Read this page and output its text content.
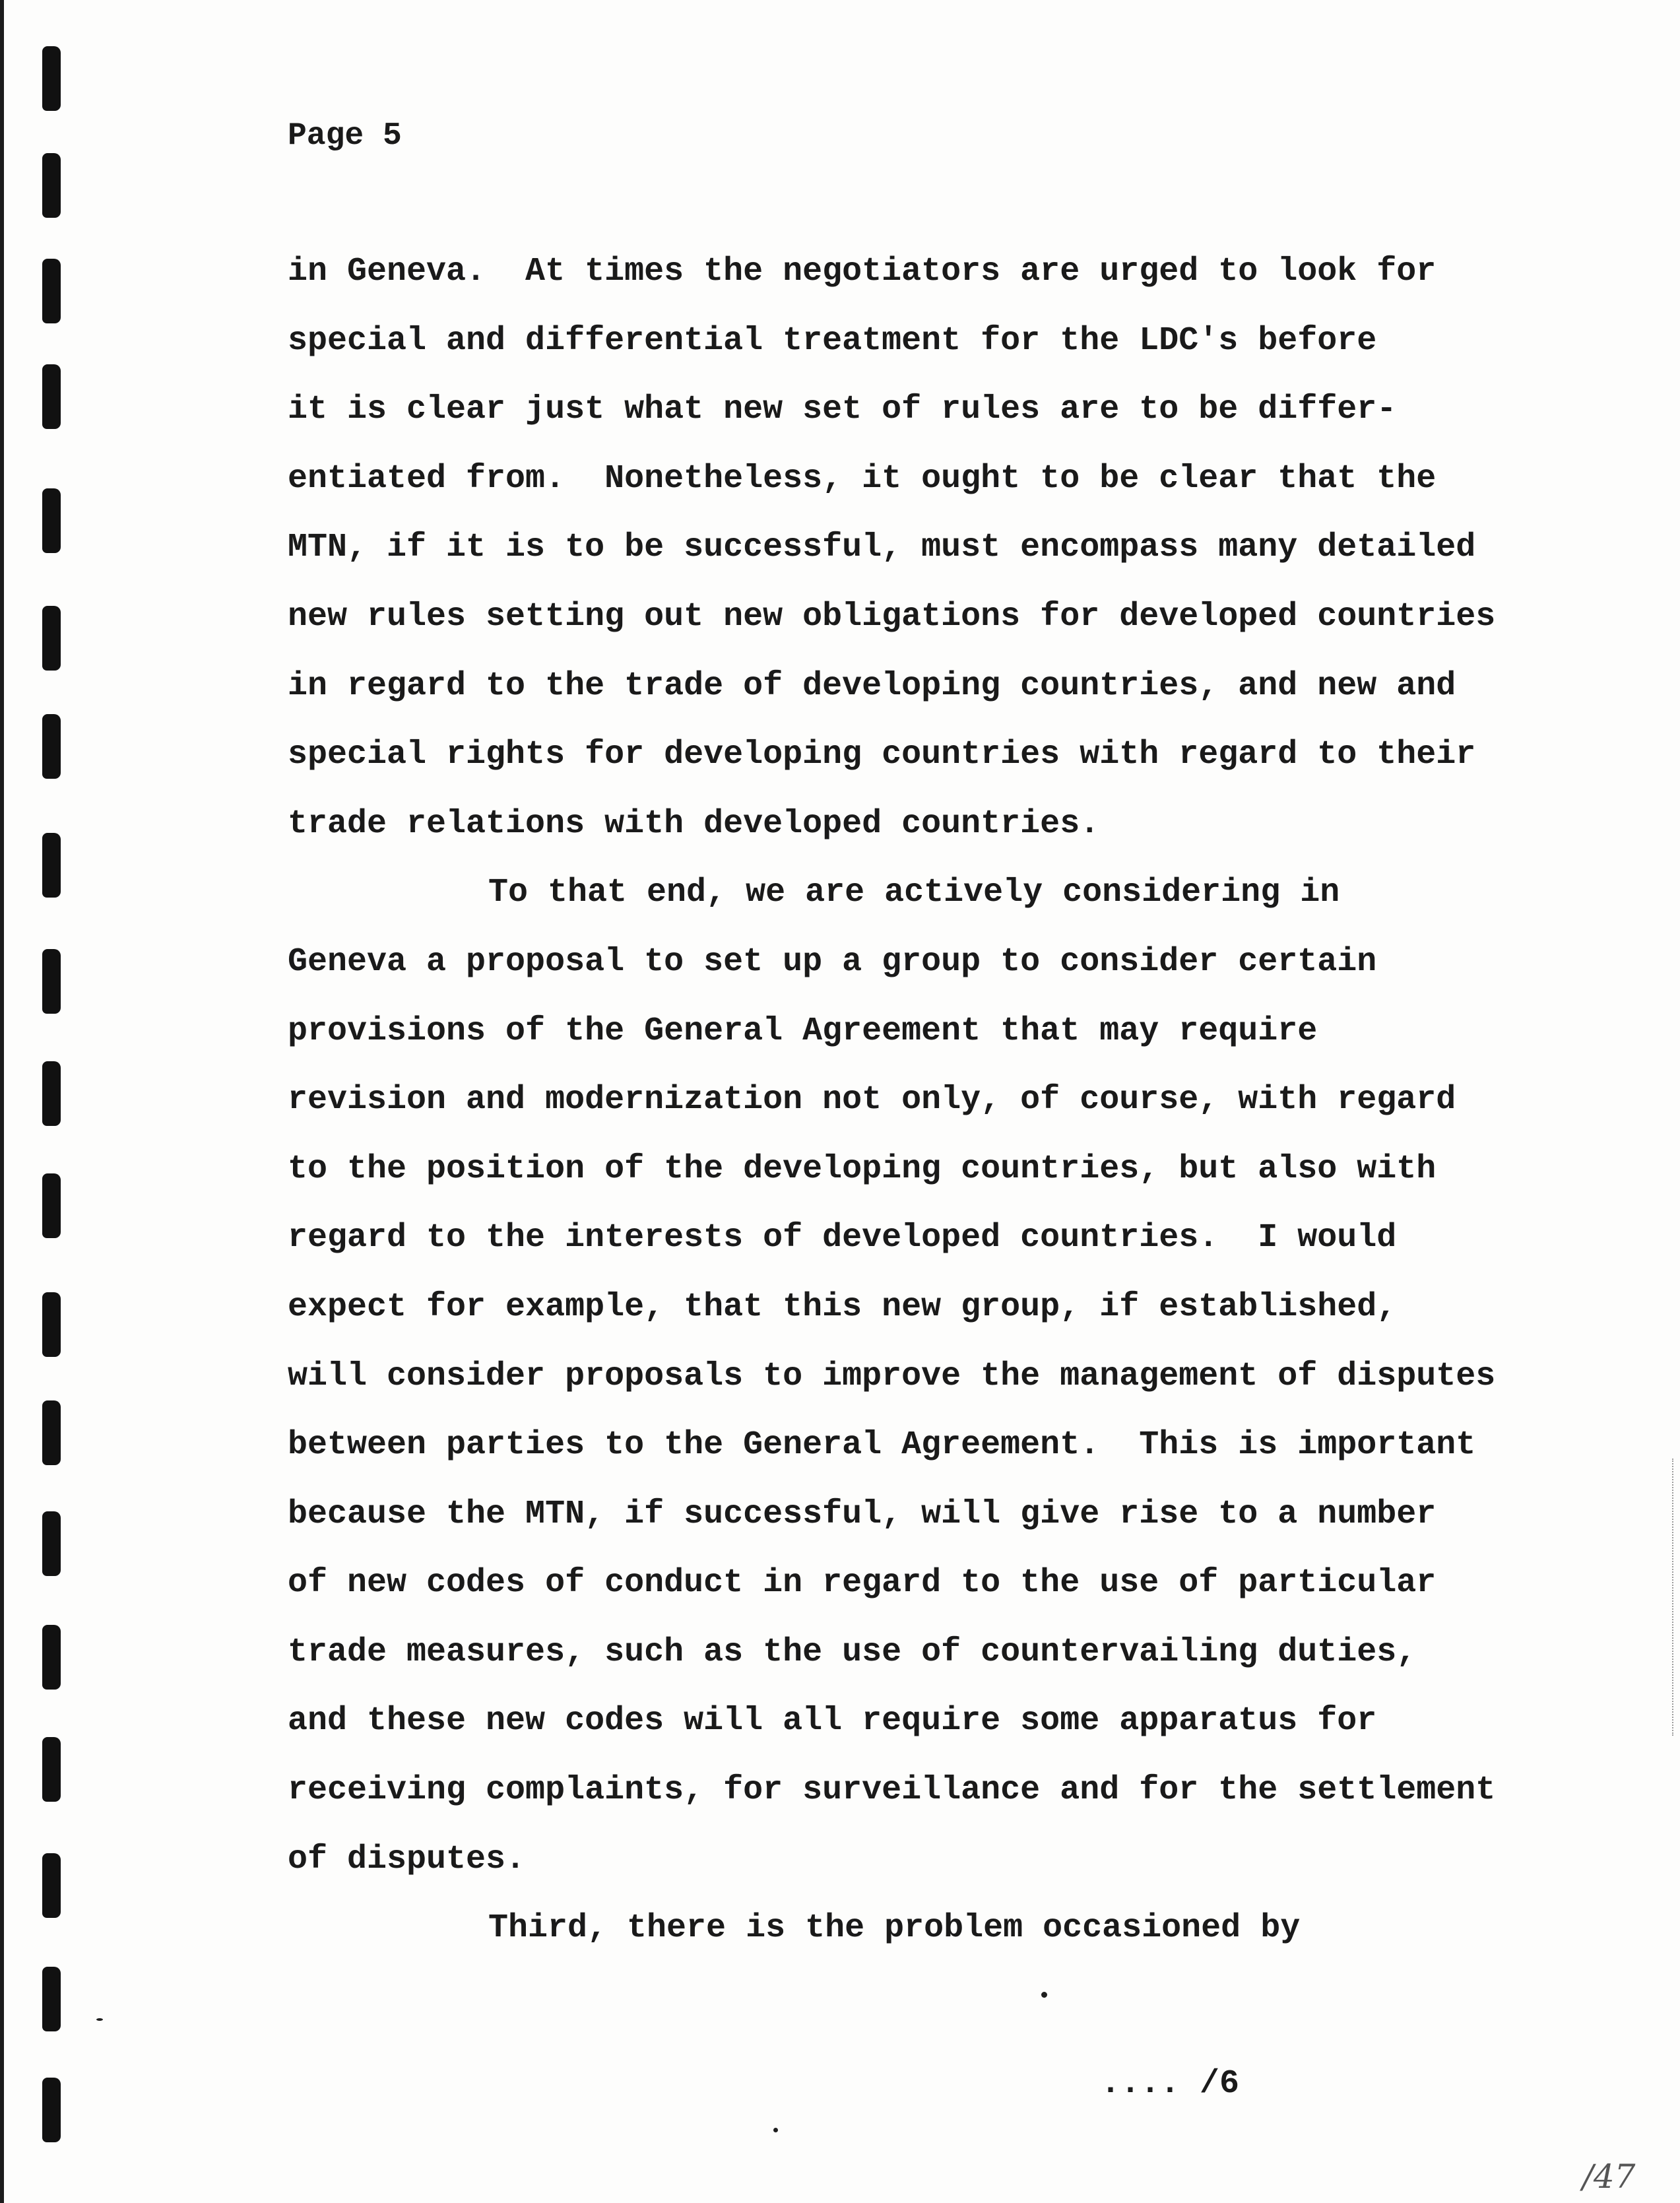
Page 5
in Geneva.  At times the negotiators are urged to look for
special and differential treatment for the LDC's before
it is clear just what new set of rules are to be differ-
entiated from.  Nonetheless, it ought to be clear that the
MTN, if it is to be successful, must encompass many detailed
new rules setting out new obligations for developed countries
in regard to the trade of developing countries, and new and
special rights for developing countries with regard to their
trade relations with developed countries.
To that end, we are actively considering in
Geneva a proposal to set up a group to consider certain
provisions of the General Agreement that may require
revision and modernization not only, of course, with regard
to the position of the developing countries, but also with
regard to the interests of developed countries.  I would
expect for example, that this new group, if established,
will consider proposals to improve the management of disputes
between parties to the General Agreement.  This is important
because the MTN, if successful, will give rise to a number
of new codes of conduct in regard to the use of particular
trade measures, such as the use of countervailing duties,
and these new codes will all require some apparatus for
receiving complaints, for surveillance and for the settlement
of disputes.
Third, there is the problem occasioned by
.... /6
/47
